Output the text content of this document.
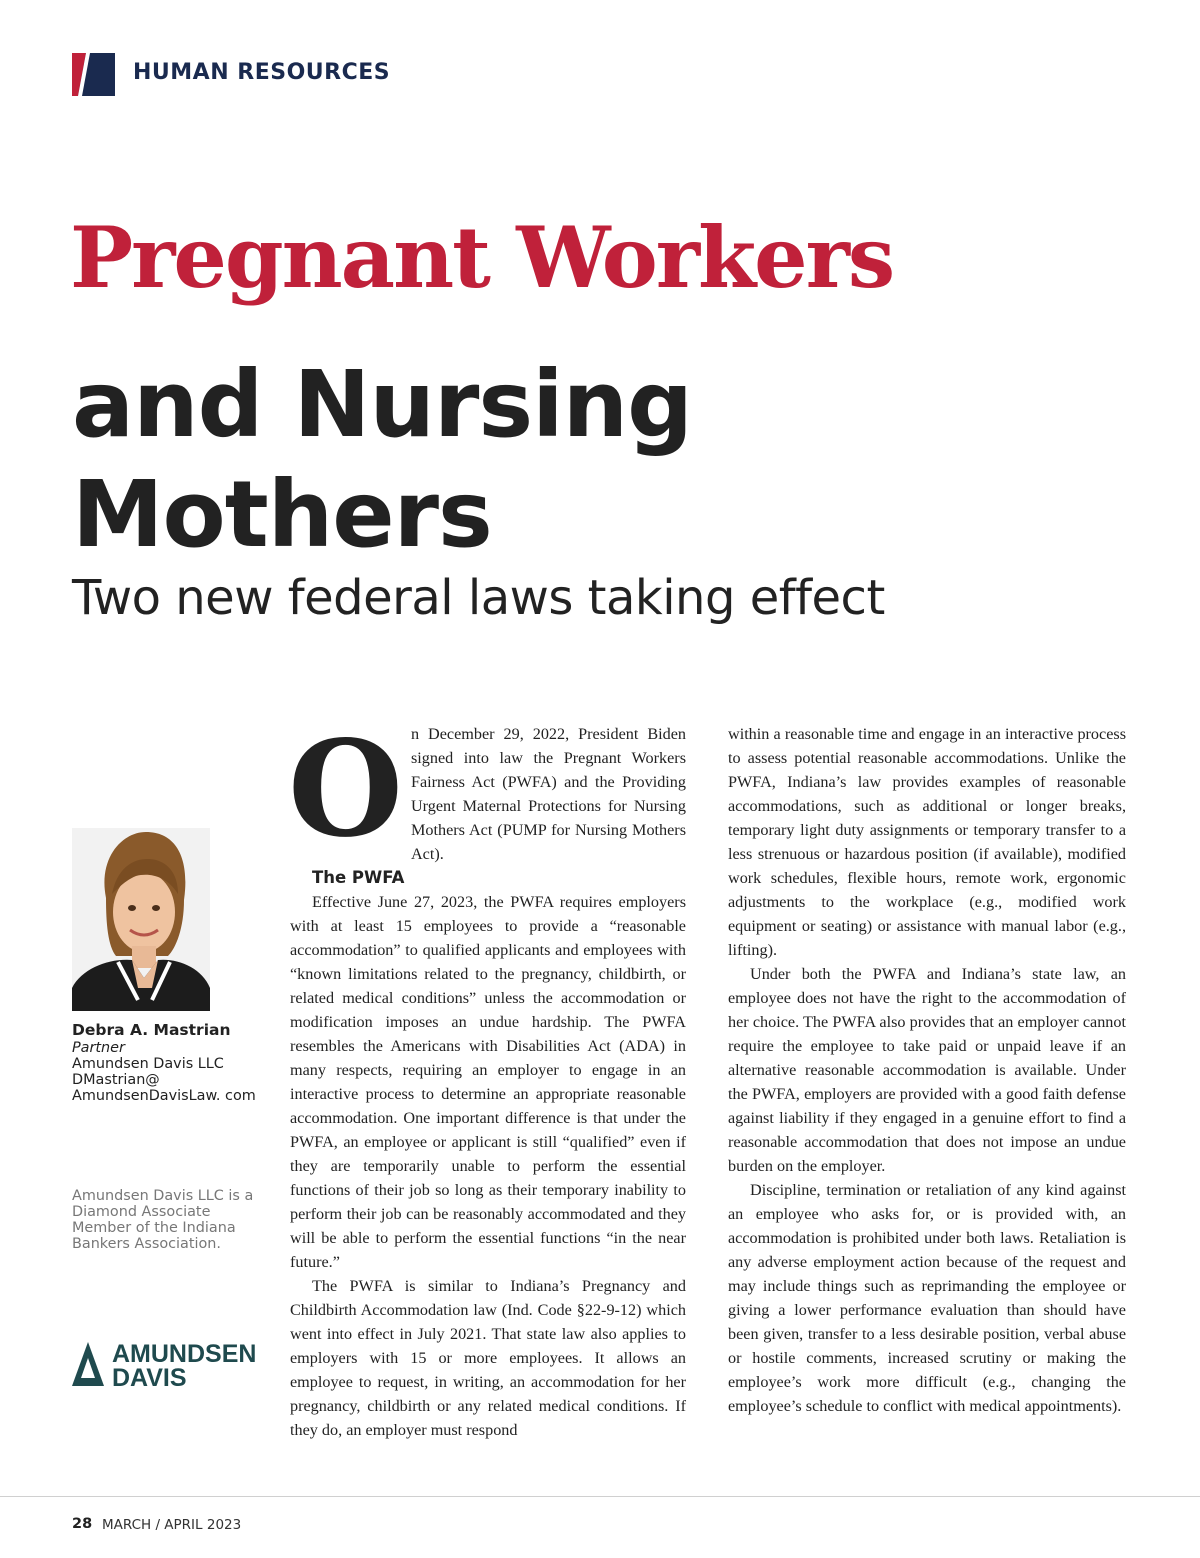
HUMAN RESOURCES
Pregnant Workers
and Nursing Mothers
Two new federal laws taking effect
Debra A. Mastrian
Partner
Amundsen Davis LLC
DMastrian@ AmundsenDavisLaw. com
Amundsen Davis LLC is a Diamond Associate Member of the Indiana Bankers Association.
AMUNDSEN
DAVIS

On December 29, 2022, President Biden signed into law the Pregnant Workers Fairness Act (PWFA) and the Providing Urgent Maternal Protections for Nursing Mothers Act (PUMP for Nursing Mothers Act).

The PWFA

Effective June 27, 2023, the PWFA requires employers with at least 15 employees to provide a “reasonable accommodation” to qualified applicants and employees with “known limitations related to the pregnancy, childbirth, or related medical conditions” unless the accommodation or modification imposes an undue hardship. The PWFA resembles the Americans with Disabilities Act (ADA) in many respects, requiring an employer to engage in an interactive process to determine an appropriate reasonable accommodation. One important difference is that under the PWFA, an employee or applicant is still “qualified” even if they are temporarily unable to perform the essential functions of their job so long as their temporary inability to perform their job can be reasonably accommodated and they will be able to perform the essential functions “in the near future.”

The PWFA is similar to Indiana’s Pregnancy and Childbirth Accommodation law (Ind. Code §22-9-12) which went into effect in July 2021. That state law also applies to employers with 15 or more employees. It allows an employee to request, in writing, an accommodation for her pregnancy, childbirth or any related medical conditions. If they do, an employer must respond

within a reasonable time and engage in an interactive process to assess potential reasonable accommodations. Unlike the PWFA, Indiana’s law provides examples of reasonable accommodations, such as additional or longer breaks, temporary light duty assignments or temporary transfer to a less strenuous or hazardous position (if available), modified work schedules, flexible hours, remote work, ergonomic adjustments to the workplace (e.g., modified work equipment or seating) or assistance with manual labor (e.g., lifting).

Under both the PWFA and Indiana’s state law, an employee does not have the right to the accommodation of her choice. The PWFA also provides that an employer cannot require the employee to take paid or unpaid leave if an alternative reasonable accommodation is available. Under the PWFA, employers are provided with a good faith defense against liability if they engaged in a genuine effort to find a reasonable accommodation that does not impose an undue burden on the employer.

Discipline, termination or retaliation of any kind against an employee who asks for, or is provided with, an accommodation is prohibited under both laws. Retaliation is any adverse employment action because of the request and may include things such as reprimanding the employee or giving a lower performance evaluation than should have been given, transfer to a less desirable position, verbal abuse or hostile comments, increased scrutiny or making the employee’s work more difficult (e.g., changing the employee’s schedule to conflict with medical appointments).

28 MARCH / APRIL 2023
